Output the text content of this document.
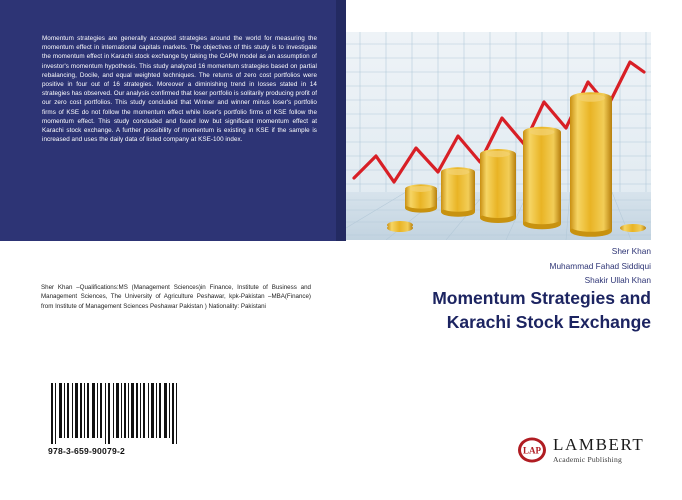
Momentum strategies are generally accepted strategies around the world for measuring the momentum effect in international capitals markets. The objectives of this study is to investigate the momentum effect in Karachi stock exchange by taking the CAPM model as an assumption of investor's momentum hypothesis. This study analyzed 16 momentum strategies based on partial rebalancing, Docile, and equal weighted techniques. The returns of zero cost portfolios were positive in four out of 16 strategies. Moreover a diminishing trend in losses stated in 14 strategies has observed. Our analysis confirmed that loser portfolio is solitarily producing profit of our zero cost portfolios. This study concluded that Winner and winner minus loser's portfolio firms of KSE do not follow the momentum effect while loser's portfolio firms of KSE follow the momentum effect. This study concluded and found low but significant momentum effect at Karachi stock exchange. A further possibility of momentum is existing in KSE if the sample is increased and uses the daily data of listed company at KSE-100 index.
Sher Khan –Qualifications:MS (Management Sciences)in Finance, Institute of Business and Management Sciences, The University of Agriculture Peshawar, kpk-Pakistan –MBA(Finance) from Institute of Management Sciences Peshawar Pakistan ) Nationality: Pakistani
978-3-659-90079-2
Sher Khan
Muhammad Fahad Siddiqui
Shakir Ullah Khan
Momentum Strategies and
Karachi Stock Exchange
LAP LAMBERT
Academic Publishing
